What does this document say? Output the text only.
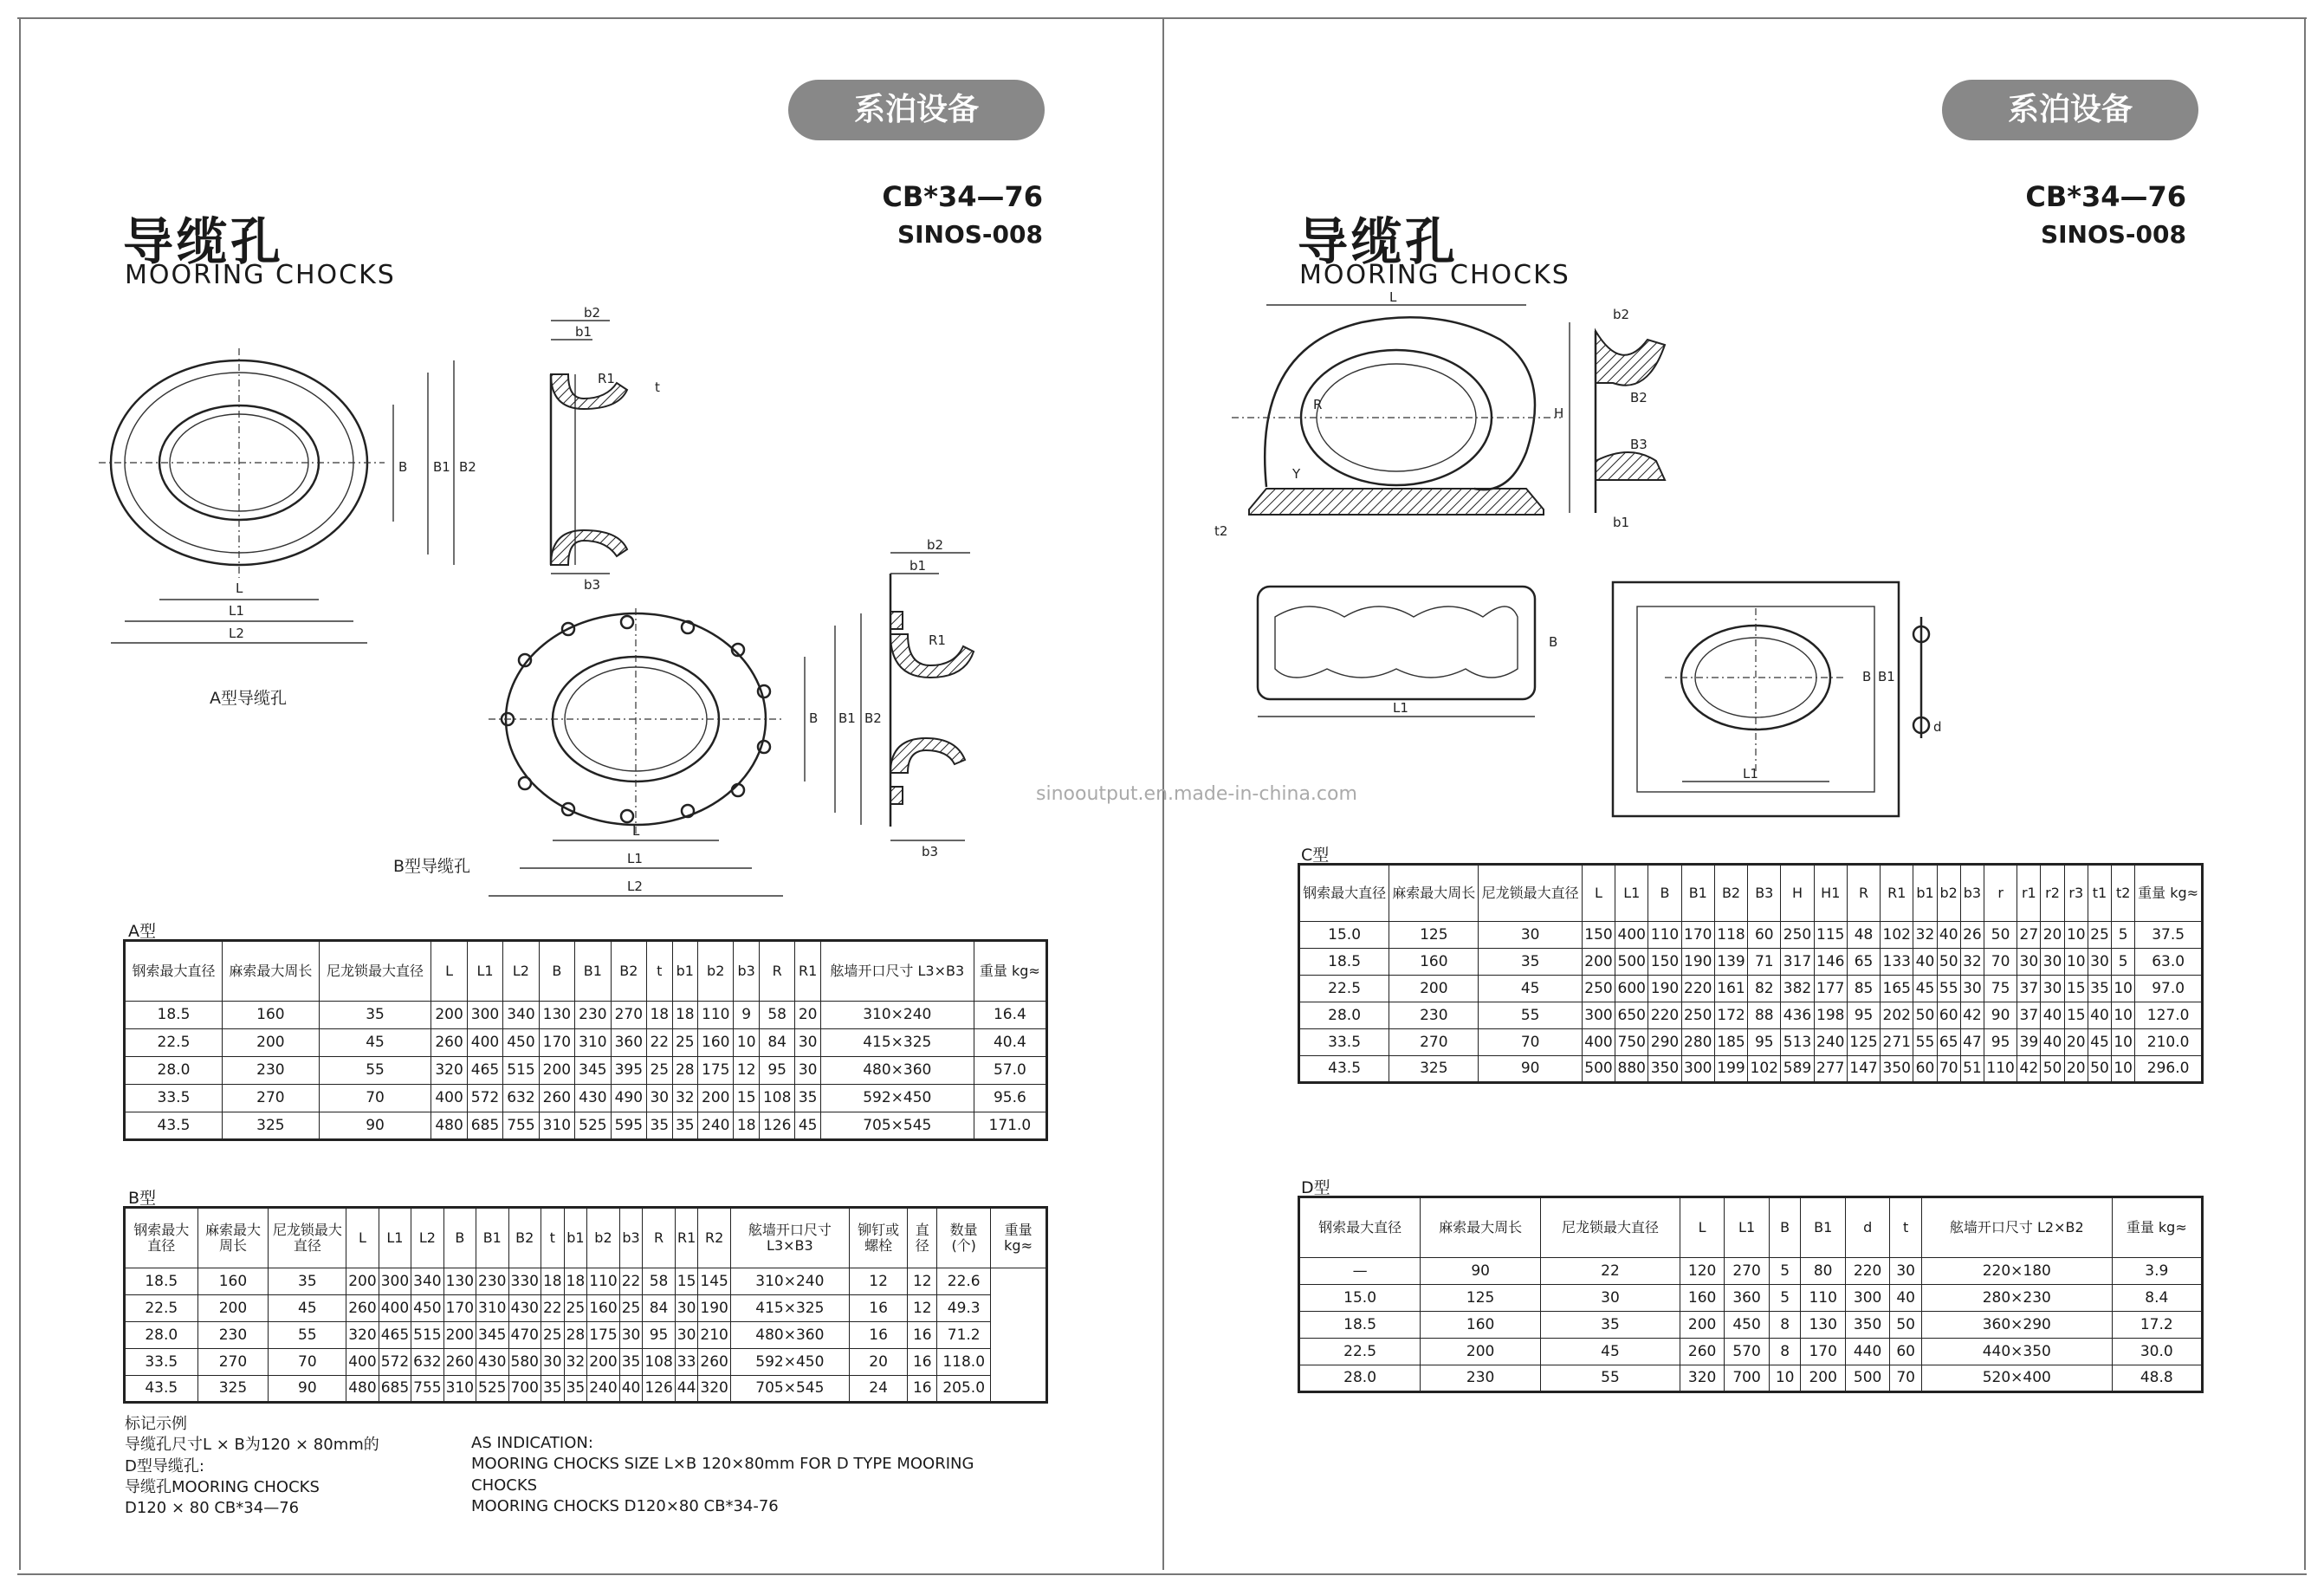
系泊设备
CB*34—76
SINOS-008
导缆孔
MOORING CHOCKS
L
L1
L2
B B1 B2
b2
b1
b3
R1
t
A型导缆孔
L
L1
L2
B B1 B2
b2
b1
b3
R1
B型导缆孔
A型
钢索最大直径	麻索最大周长	尼龙锁最大直径	L	L1	L2	B	B1	B2	t	b1	b2	b3	R	R1	舷墙开口尺寸 L3×B3	重量 kg≈
18.5	160	35	200	300	340	130	230	270	18	18	110	9	58	20	310×240	16.4
22.5	200	45	260	400	450	170	310	360	22	25	160	10	84	30	415×325	40.4
28.0	230	55	320	465	515	200	345	395	25	28	175	12	95	30	480×360	57.0
33.5	270	70	400	572	632	260	430	490	30	32	200	15	108	35	592×450	95.6
43.5	325	90	480	685	755	310	525	595	35	35	240	18	126	45	705×545	171.0
B型
钢索最大直径	麻索最大周长	尼龙锁最大直径	L	L1	L2	B	B1	B2	t	b1	b2	b3	R	R1	R2	舷墙开口尺寸 L3×B3	铆钉或螺栓	直径	数量(个)	重量 kg≈
18.5	160	35	200	300	340	130	230	330	18	18	110	22	58	15	145	310×240	12	12	22.6	
22.5	200	45	260	400	450	170	310	430	22	25	160	25	84	30	190	415×325	16	12	49.3	
28.0	230	55	320	465	515	200	345	470	25	28	175	30	95	30	210	480×360	16	16	71.2	
33.5	270	70	400	572	632	260	430	580	30	32	200	35	108	33	260	592×450	20	16	118.0	
43.5	325	90	480	685	755	310	525	700	35	35	240	40	126	44	320	705×545	24	16	205.0	
标记示例
导缆孔尺寸L × B为120 × 80mm的
D型导缆孔:
导缆孔MOORING CHOCKS
D120 × 80 CB*34—76
AS INDICATION:
MOORING CHOCKS SIZE L×B 120×80mm FOR D TYPE MOORING
CHOCKS
MOORING CHOCKS D120×80 CB*34-76
sinooutput.en.made-in-china.com
系泊设备
CB*34—76
SINOS-008
导缆孔
MOORING CHOCKS
L
R
Y
t2
b2
B2
B3
H
b1
L1
B
L1
B B1
d
C型
钢索最大直径	麻索最大周长	尼龙锁最大直径	L	L1	B	B1	B2	B3	H	H1	R	R1	b1	b2	b3	r	r1	r2	r3	t1	t2	重量 kg≈
15.0	125	30	150	400	110	170	118	60	250	115	48	102	32	40	26	50	27	20	10	25	5	37.5
18.5	160	35	200	500	150	190	139	71	317	146	65	133	40	50	32	70	30	30	10	30	5	63.0
22.5	200	45	250	600	190	220	161	82	382	177	85	165	45	55	30	75	37	30	15	35	10	97.0
28.0	230	55	300	650	220	250	172	88	436	198	95	202	50	60	42	90	37	40	15	40	10	127.0
33.5	270	70	400	750	290	280	185	95	513	240	125	271	55	65	47	95	39	40	20	45	10	210.0
43.5	325	90	500	880	350	300	199	102	589	277	147	350	60	70	51	110	42	50	20	50	10	296.0
D型
钢索最大直径	麻索最大周长	尼龙锁最大直径	L	L1	B	B1	d	t	舷墙开口尺寸 L2×B2	重量 kg≈
—	90	22	120	270	5	80	220	30	220×180	3.9
15.0	125	30	160	360	5	110	300	40	280×230	8.4
18.5	160	35	200	450	8	130	350	50	360×290	17.2
22.5	200	45	260	570	8	170	440	60	440×350	30.0
28.0	230	55	320	700	10	200	500	70	520×400	48.8
